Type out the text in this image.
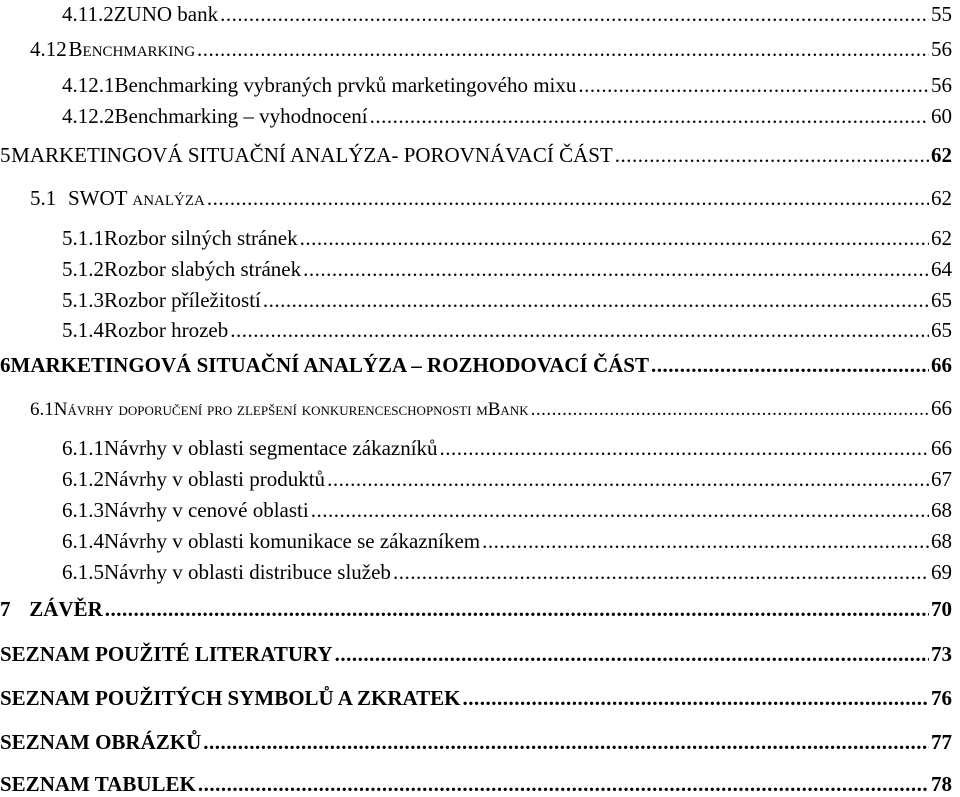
4.11.2 ZUNO bank .....	55
4.12 Benchmarking .....	56
4.12.1 Benchmarking vybraných prvků marketingového mixu .....	56
4.12.2 Benchmarking – vyhodnocení .....	60
5 MARKETINGOVÁ SITUAČNÍ ANALÝZA- POROVNÁVACÍ ČÁST .....	62
5.1 SWOT analýza .....	62
5.1.1 Rozbor silných stránek .....	62
5.1.2 Rozbor slabých stránek .....	64
5.1.3 Rozbor příležitostí .....	65
5.1.4 Rozbor hrozeb .....	65
6 MARKETINGOVÁ SITUAČNÍ ANALÝZA – ROZHODOVACÍ ČÁST .....	66
6.1 Návrhy doporučení pro zlepšení konkurenceschopnosti mBank .....	66
6.1.1 Návrhy v oblasti segmentace zákazníků .....	66
6.1.2 Návrhy v oblasti produktů .....	67
6.1.3 Návrhy v cenové oblasti .....	68
6.1.4 Návrhy v oblasti komunikace se zákazníkem .....	68
6.1.5 Návrhy v oblasti distribuce služeb .....	69
7 ZÁVĚR .....	70
SEZNAM POUŽITÉ LITERATURY .....	73
SEZNAM POUŽITÝCH SYMBOLŮ A ZKRATEK .....	76
SEZNAM OBRÁZKŮ .....	77
SEZNAM TABULEK .....	78
